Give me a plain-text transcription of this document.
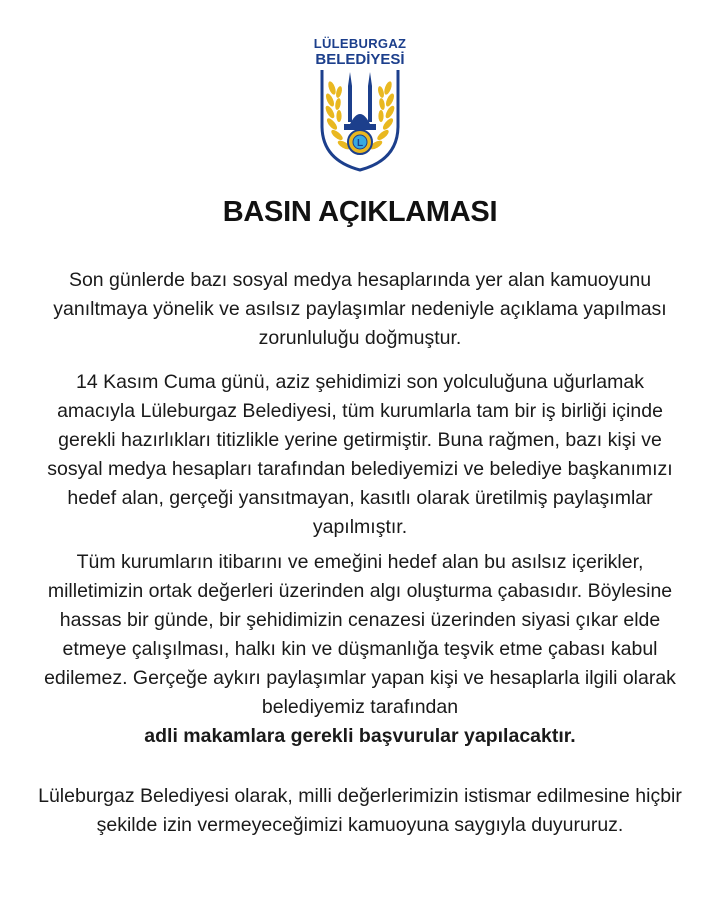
LÜLEBURGAZ
BELEDİYESİ
L
BASIN AÇIKLAMASI

Son günlerde bazı sosyal medya hesaplarında yer alan kamuoyunu yanıltmaya yönelik ve asılsız paylaşımlar nedeniyle açıklama yapılması zorunluluğu doğmuştur.

14 Kasım Cuma günü, aziz şehidimizi son yolculuğuna uğurlamak amacıyla Lüleburgaz Belediyesi, tüm kurumlarla tam bir iş birliği içinde gerekli hazırlıkları titizlikle yerine getirmiştir. Buna rağmen, bazı kişi ve sosyal medya hesapları tarafından belediyemizi ve belediye başkanımızı hedef alan, gerçeği yansıtmayan, kasıtlı olarak üretilmiş paylaşımlar yapılmıştır.

Tüm kurumların itibarını ve emeğini hedef alan bu asılsız içerikler, milletimizin ortak değerleri üzerinden algı oluşturma çabasıdır. Böylesine hassas bir günde, bir şehidimizin cenazesi üzerinden siyasi çıkar elde etmeye çalışılması, halkı kin ve düşmanlığa teşvik etme çabası kabul edilemez. Gerçeğe aykırı paylaşımlar yapan kişi ve hesaplarla ilgili olarak belediyemiz tarafından
adli makamlara gerekli başvurular yapılacaktır.

Lüleburgaz Belediyesi olarak, milli değerlerimizin istismar edilmesine hiçbir şekilde izin vermeyeceğimizi kamuoyuna saygıyla duyururuz.
